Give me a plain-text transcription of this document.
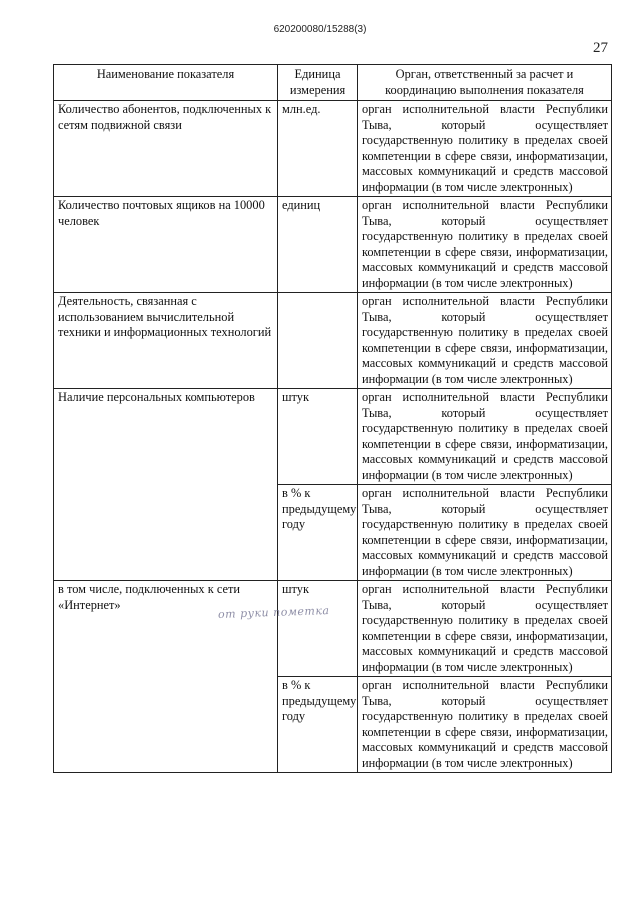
620200080/15288(3)
27
Наименование показателя	Единица измерения	Орган, ответственный за расчет и координацию выполнения показателя
Количество абонентов, подключенных к сетям подвижной связи	млн.ед.	орган исполнительной власти Республики Тыва, который осуществляет государственную политику в пределах своей компетенции в сфере связи, информатизации, массовых коммуникаций и средств массовой информации (в том числе электронных)
Количество почтовых ящиков на 10000 человек	единиц	орган исполнительной власти Республики Тыва, который осуществляет государственную политику в пределах своей компетенции в сфере связи, информатизации, массовых коммуникаций и средств массовой информации (в том числе электронных)
Деятельность, связанная с использованием вычислительной техники и информационных технологий		орган исполнительной власти Республики Тыва, который осуществляет государственную политику в пределах своей компетенции в сфере связи, информатизации, массовых коммуникаций и средств массовой информации (в том числе электронных)
Наличие персональных компьютеров	штук	орган исполнительной власти Республики Тыва, который осуществляет государственную политику в пределах своей компетенции в сфере связи, информатизации, массовых коммуникаций и средств массовой информации (в том числе электронных)
	в % к предыдущему году	орган исполнительной власти Республики Тыва, который осуществляет государственную политику в пределах своей компетенции в сфере связи, информатизации, массовых коммуникаций и средств массовой информации (в том числе электронных)
в том числе, подключенных к сети «Интернет»	штук	орган исполнительной власти Республики Тыва, который осуществляет государственную политику в пределах своей компетенции в сфере связи, информатизации, массовых коммуникаций и средств массовой информации (в том числе электронных)
	в % к предыдущему году	орган исполнительной власти Республики Тыва, который осуществляет государственную политику в пределах своей компетенции в сфере связи, информатизации, массовых коммуникаций и средств массовой информации (в том числе электронных)
от руки пометка
